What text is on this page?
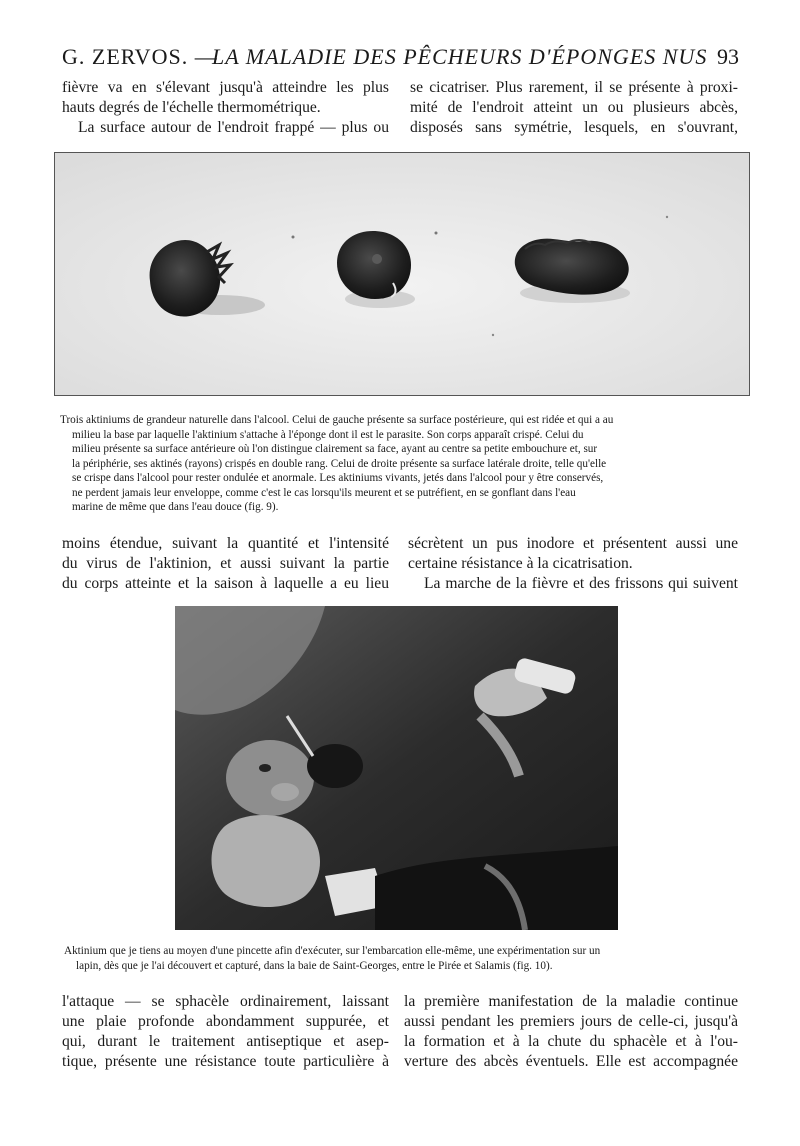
G. ZERVOS. —
LA MALADIE DES PÊCHEURS D'ÉPONGES NUS 93
fièvre va en s'élevant jusqu'à atteindre les plus
hauts degrés de l'échelle thermométrique.
La surface autour de l'endroit frappé — plus ou
se cicatriser. Plus rarement, il se présente à proxi-
mité de l'endroit atteint un ou plusieurs abcès,
disposés sans symétrie, lesquels, en s'ouvrant,
Trois aktiniums de grandeur naturelle dans l'alcool. Celui de gauche présente sa surface postérieure, qui est ridée et qui a au
milieu la base par laquelle l'aktinium s'attache à l'éponge dont il est le parasite. Son corps apparaît crispé. Celui du
milieu présente sa surface antérieure où l'on distingue clairement sa face, ayant au centre sa petite embouchure et, sur
la périphérie, ses aktinés (rayons) crispés en double rang. Celui de droite présente sa surface latérale droite, telle qu'elle
se crispe dans l'alcool pour rester ondulée et anormale. Les aktiniums vivants, jetés dans l'alcool pour y être conservés,
ne perdent jamais leur enveloppe, comme c'est le cas lorsqu'ils meurent et se putréfient, en se gonflant dans l'eau
marine de même que dans l'eau douce (fig. 9).
moins étendue, suivant la quantité et l'intensité
du virus de l'aktinion, et aussi suivant la partie
du corps atteinte et la saison à laquelle a eu lieu
sécrètent un pus inodore et présentent aussi une
certaine résistance à la cicatrisation.
La marche de la fièvre et des frissons qui suivent
Aktinium que je tiens au moyen d'une pincette afin d'exécuter, sur l'embarcation elle-même, une expérimentation sur un
lapin, dès que je l'ai découvert et capturé, dans la baie de Saint-Georges, entre le Pirée et Salamis (fig. 10).
l'attaque — se sphacèle ordinairement, laissant
une plaie profonde abondamment suppurée, et
qui, durant le traitement antiseptique et asep-
tique, présente une résistance toute particulière à
la première manifestation de la maladie continue
aussi pendant les premiers jours de celle-ci, jusqu'à
la formation et à la chute du sphacèle et à l'ou-
verture des abcès éventuels. Elle est accompagnée
